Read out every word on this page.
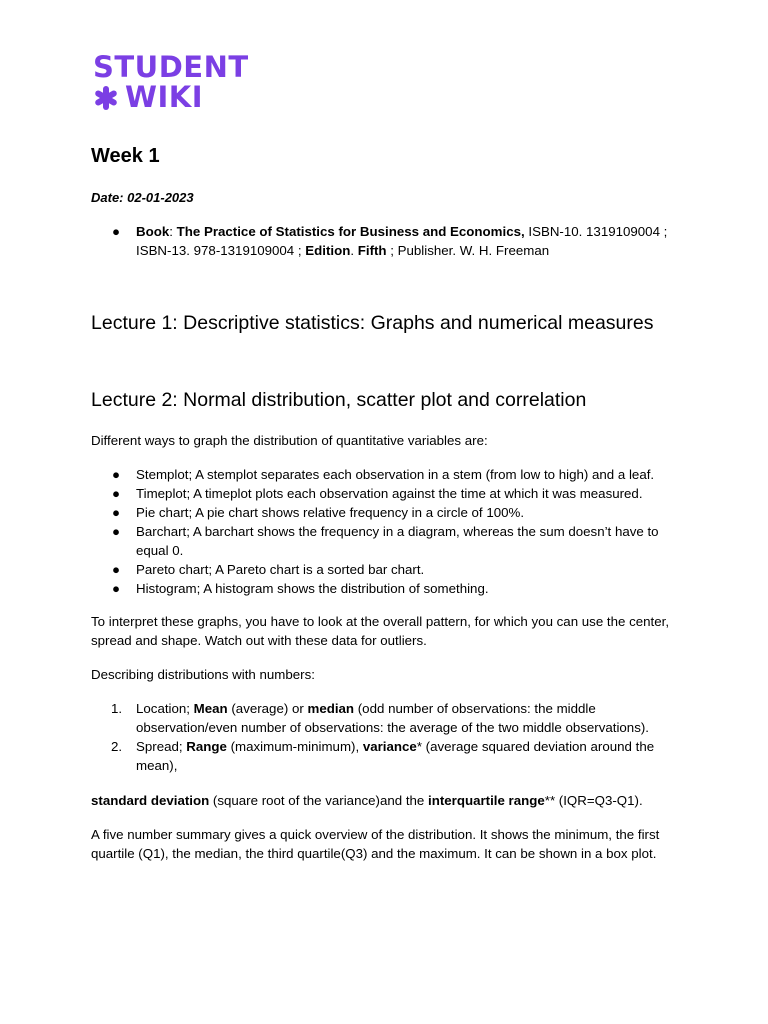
STUDENT
WIKI
Week 1
Date: 02-01-2023
● Book: The Practice of Statistics for Business and Economics, ISBN-10. 1319109004 ; ISBN-13. 978-1319109004 ; Edition. Fifth ; Publisher. W. H. Freeman
Lecture 1: Descriptive statistics: Graphs and numerical measures
Lecture 2: Normal distribution, scatter plot and correlation

Different ways to graph the distribution of quantitative variables are:

● Stemplot; A stemplot separates each observation in a stem (from low to high) and a leaf.
● Timeplot; A timeplot plots each observation against the time at which it was measured.
● Pie chart; A pie chart shows relative frequency in a circle of 100%.
● Barchart; A barchart shows the frequency in a diagram, whereas the sum doesn’t have to equal 0.
● Pareto chart; A Pareto chart is a sorted bar chart.
● Histogram; A histogram shows the distribution of something.

To interpret these graphs, you have to look at the overall pattern, for which you can use the center, spread and shape. Watch out with these data for outliers.

Describing distributions with numbers:

1. Location; Mean (average) or median (odd number of observations: the middle observation/even number of observations: the average of the two middle observations).
2. Spread; Range (maximum-minimum), variance* (average squared deviation around the mean),

standard deviation (square root of the variance)and the interquartile range** (IQR=Q3-Q1).

A five number summary gives a quick overview of the distribution. It shows the minimum, the first quartile (Q1), the median, the third quartile(Q3) and the maximum. It can be shown in a box plot.
